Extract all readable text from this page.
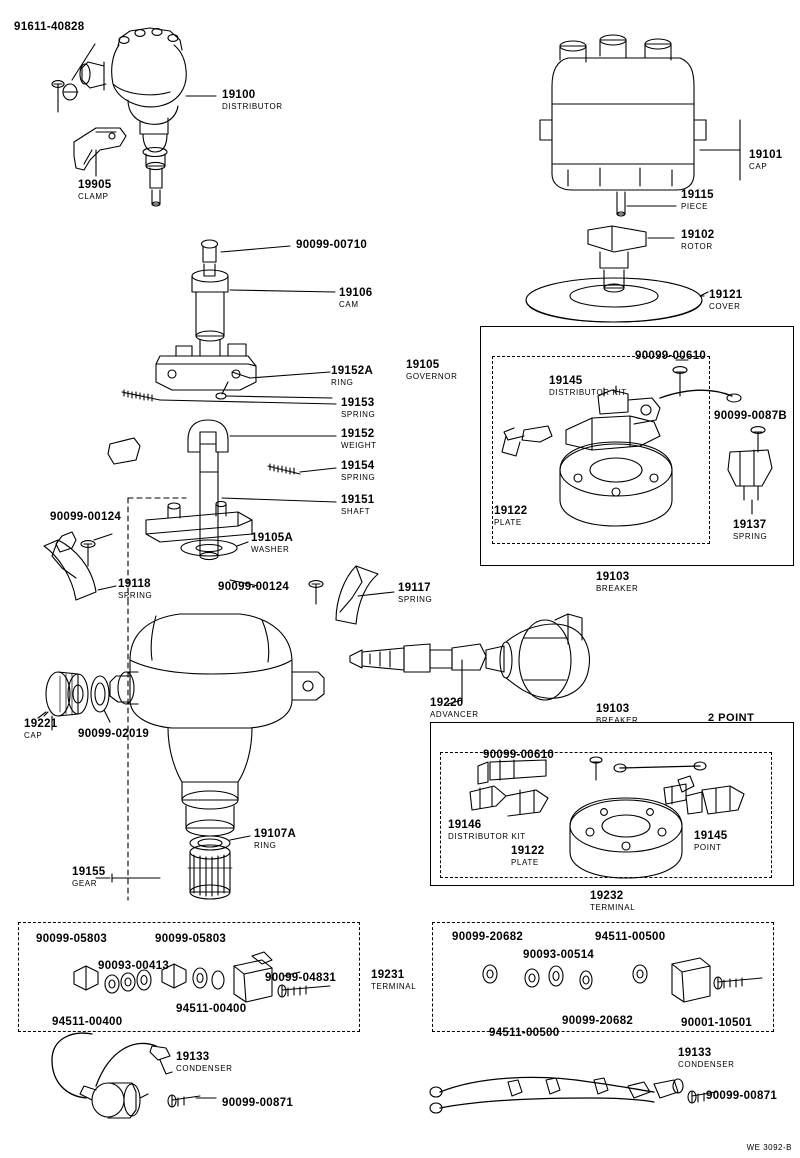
2 POINT
WE 3092-B
91611-40828
19100
DISTRIBUTOR
19905
CLAMP
19101
CAP
19115
PIECE
19102
ROTOR
19121
COVER
90099-00710
19106
CAM
19152A
RING
19105
GOVERNOR
19153
SPRING
19152
WEIGHT
19154
SPRING
19151
SHAFT
90099-00124
19105A
WASHER
19118
SPRING
90099-00124	19117
SPRING
19221
CAP	90099-02019
19107A
RING
19155
GEAR
19220
ADVANCER
19103
BREAKER
19103
BREAKER
90099-00610
19145
DISTRIBUTOR KIT
90099-0087B
19122
PLATE	19137
SPRING
90099-00610
19146
DISTRIBUTOR KIT
19122
PLATE
19145
POINT
19232
TERMINAL
90099-05803	90099-05803
90093-00413
90099-04831	19231
TERMINAL
94511-00400
94511-00400
19133
CONDENSER
90099-00871
90099-20682	94511-00500
90093-00514
94511-00500
90099-20682	90001-10501
19133
CONDENSER
90099-00871
